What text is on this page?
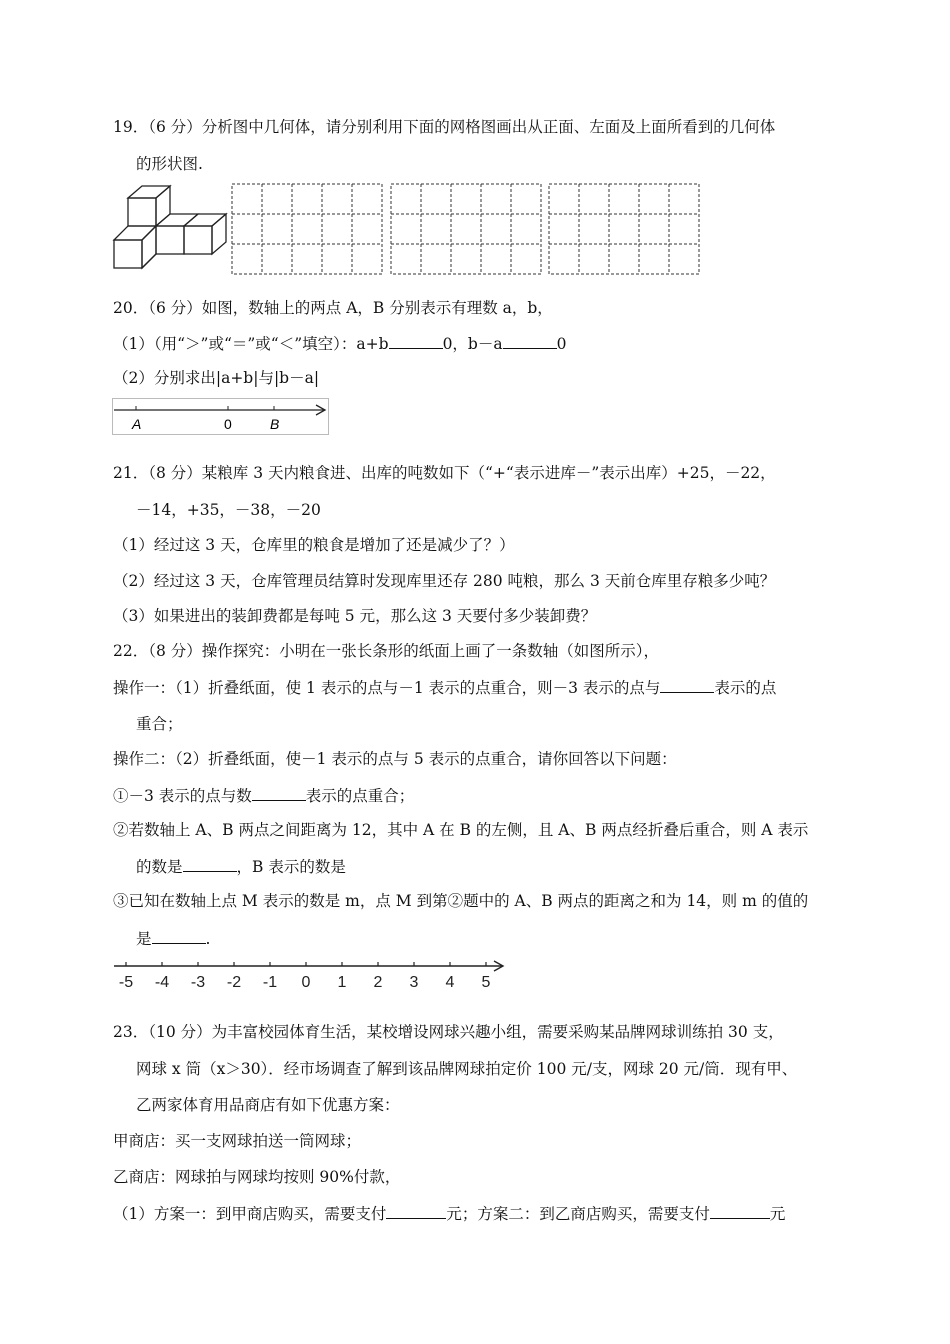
19．（6 分）分析图中几何体，请分别利用下面的网格图画出从正面、左面及上面所看到的几何体
的形状图.
20．（6 分）如图，数轴上的两点 A，B 分别表示有理数 a，b，
（1）（用“＞”或“＝”或“＜”填空）：a+b	0，b－a	0
（2）分别求出|a+b|与|b－a|
A	0	B
21．（8 分）某粮库 3 天内粮食进、出库的吨数如下（“+“表示进库－”表示出库）+25，－22，
－14，+35，－38，－20
（1）经过这 3 天，仓库里的粮食是增加了还是减少了？）
（2）经过这 3 天，仓库管理员结算时发现库里还存 280 吨粮，那么 3 天前仓库里存粮多少吨？
（3）如果进出的装卸费都是每吨 5 元，那么这 3 天要付多少装卸费？
22．（8 分）操作探究：小明在一张长条形的纸面上画了一条数轴（如图所示），
操作一：（1）折叠纸面，使 1 表示的点与－1 表示的点重合，则－3 表示的点与	表示的点
重合；
操作二：（2）折叠纸面，使－1 表示的点与 5 表示的点重合，请你回答以下问题：
①－3 表示的点与数	表示的点重合；
②若数轴上 A、B 两点之间距离为 12，其中 A 在 B 的左侧，且 A、B 两点经折叠后重合，则 A 表示
的数是	，B 表示的数是
③已知在数轴上点 M 表示的数是 m，点 M 到第②题中的 A、B 两点的距离之和为 14，则 m 的值的
是	.
-5 -4 -3 -2 -1 0 1 2 3 4 5
23．（10 分）为丰富校园体育生活，某校增设网球兴趣小组，需要采购某品牌网球训练拍 30 支，
网球 x 筒（x＞30）．经市场调查了解到该品牌网球拍定价 100 元/支，网球 20 元/筒．现有甲、
乙两家体育用品商店有如下优惠方案：
甲商店：买一支网球拍送一筒网球；
乙商店：网球拍与网球均按则 90%付款，
（1）方案一：到甲商店购买，需要支付	元；方案二：到乙商店购买，需要支付	元
